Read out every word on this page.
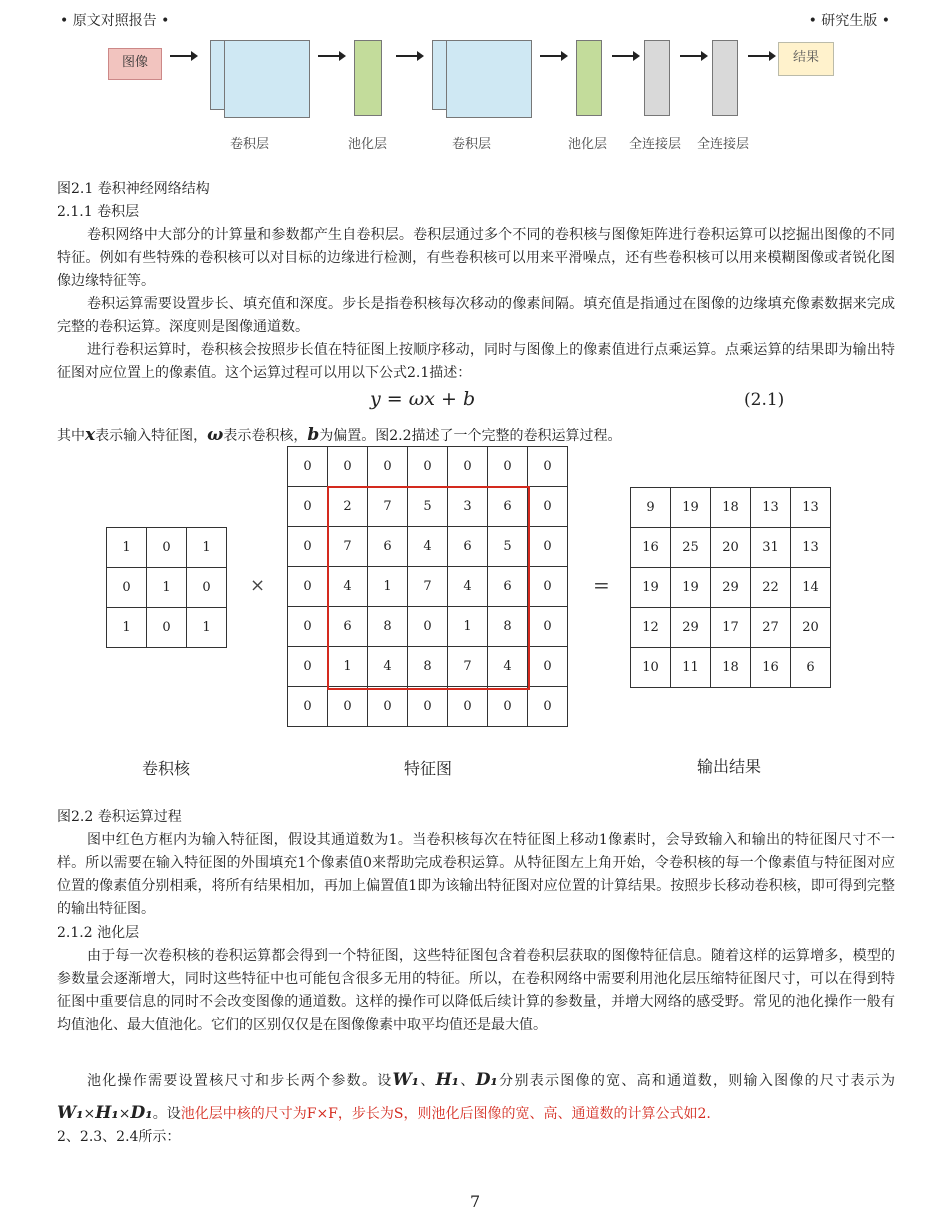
• 原文对照报告 •	• 研究生版 •
图像	结果
卷积层	池化层	卷积层	池化层 全连接层 全连接层
图2.1 卷积神经网络结构
2.1.1 卷积层
卷积网络中大部分的计算量和参数都产生自卷积层。卷积层通过多个不同的卷积核与图像矩阵进行卷积运算可以挖掘出图像的不同特征。例如有些特殊的卷积核可以对目标的边缘进行检测，有些卷积核可以用来平滑噪点，还有些卷积核可以用来模糊图像或者锐化图像边缘特征等。
卷积运算需要设置步长、填充值和深度。步长是指卷积核每次移动的像素间隔。填充值是指通过在图像的边缘填充像素数据来完成完整的卷积运算。深度则是图像通道数。
进行卷积运算时，卷积核会按照步长值在特征图上按顺序移动，同时与图像上的像素值进行点乘运算。点乘运算的结果即为输出特征图对应位置上的像素值。这个运算过程可以用以下公式2.1描述：
y = ωx + b	(2.1)
其中x表示输入特征图，ω表示卷积核，b为偏置。图2.2描述了一个完整的卷积运算过程。
1	0	1
0	1	0
1	0	1
×
0	0	0	0	0	0	0
0	2	7	5	3	6	0
0	7	6	4	6	5	0
0	4	1	7	4	6	0
0	6	8	0	1	8	0
0	1	4	8	7	4	0
0	0	0	0	0	0	0
=
9	19	18	13	13
16	25	20	31	13
19	19	29	22	14
12	29	17	27	20
10	11	18	16	6
卷积核	特征图	输出结果
图2.2 卷积运算过程
图中红色方框内为输入特征图，假设其通道数为1。当卷积核每次在特征图上移动1像素时，会导致输入和输出的特征图尺寸不一样。所以需要在输入特征图的外围填充1个像素值0来帮助完成卷积运算。从特征图左上角开始，令卷积核的每一个像素值与特征图对应位置的像素值分别相乘，将所有结果相加，再加上偏置值1即为该输出特征图对应位置的计算结果。按照步长移动卷积核，即可得到完整的输出特征图。
2.1.2 池化层
由于每一次卷积核的卷积运算都会得到一个特征图，这些特征图包含着卷积层获取的图像特征信息。随着这样的运算增多，模型的参数量会逐渐增大，同时这些特征中也可能包含很多无用的特征。所以，在卷积网络中需要利用池化层压缩特征图尺寸，可以在得到特征图中重要信息的同时不会改变图像的通道数。这样的操作可以降低后续计算的参数量，并增大网络的感受野。常见的池化操作一般有均值池化、最大值池化。它们的区别仅仅是在图像像素中取平均值还是最大值。
池化操作需要设置核尺寸和步长两个参数。设W₁、H₁、D₁分别表示图像的宽、高和通道数，则输入图像的尺寸表示为W₁×H₁×D₁。设池化层中核的尺寸为F×F，步长为S，则池化后图像的宽、高、通道数的计算公式如2.
2、2.3、2.4所示：
7
